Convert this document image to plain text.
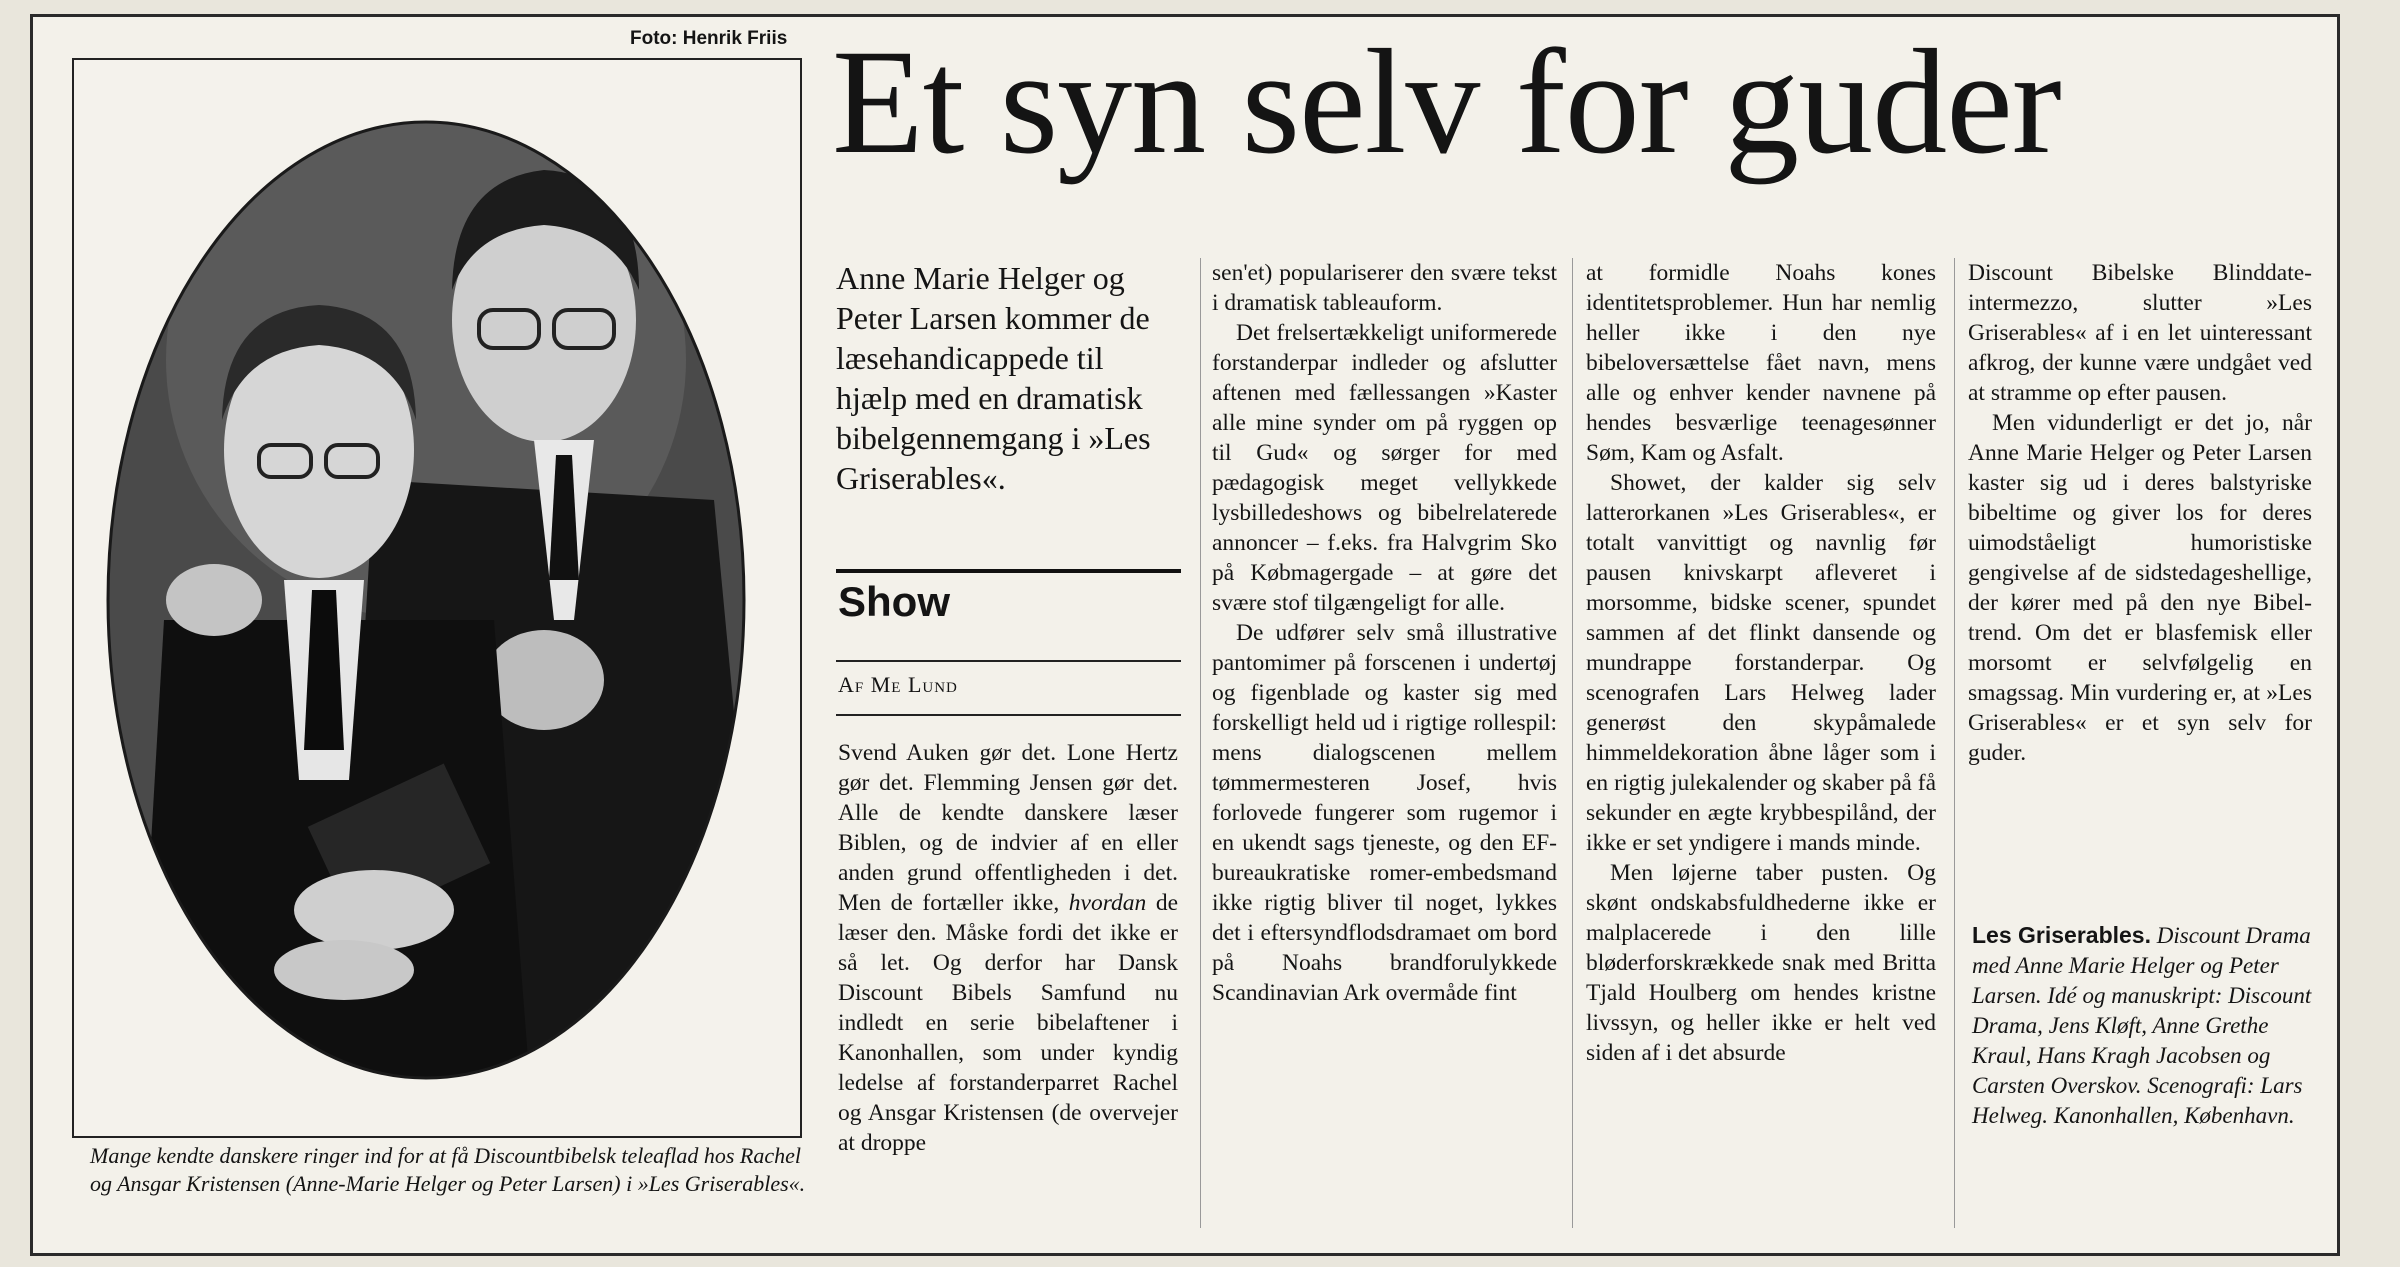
Foto: Henrik Friis
Mange kendte danskere ringer ind for at få Discountbibelsk teleaflad hos Rachel og Ansgar Kristensen (Anne-Marie Helger og Peter Larsen) i »Les Griserables«.
Et syn selv for guder
Anne Marie Helger og Peter Larsen kommer de læsehandicappede til hjælp med en dramatisk bibelgennemgang i »Les Griserables«.
Show
Af Me Lund

Svend Auken gør det. Lone Hertz gør det. Flemming Jensen gør det. Alle de kendte danskere læser Biblen, og de indvier af en eller anden grund offentligheden i det. Men de fortæller ikke, hvordan de læser den. Måske fordi det ikke er så let. Og derfor har Dansk Discount Bibels Samfund nu indledt en serie bibelaftener i Kanonhallen, som under kyndig ledelse af forstanderparret Rachel og Ansgar Kristensen (de overvejer at droppe

sen'et) populariserer den svære tekst i dramatisk tableauform.

Det frelsertækkeligt uniformerede forstanderpar indleder og afslutter aftenen med fællessangen »Kaster alle mine synder om på ryggen op til Gud« og sørger for med pædagogisk meget vellykkede lysbilledeshows og bibelrelaterede annoncer – f.eks. fra Halvgrim Sko på Købmagergade – at gøre det svære stof tilgængeligt for alle.

De udfører selv små illustrative pantomimer på forscenen i undertøj og figenblade og kaster sig med forskelligt held ud i rigtige rollespil: mens dialogscenen mellem tømmermesteren Josef, hvis forlovede fungerer som rugemor i en ukendt sags tjeneste, og den EF-bureaukratiske romer-embedsmand ikke rigtig bliver til noget, lykkes det i eftersyndflodsdramaet om bord på Noahs brandforulykkede Scandinavian Ark overmåde fint

at formidle Noahs kones identitetsproblemer. Hun har nemlig heller ikke i den nye bibeloversættelse fået navn, mens alle og enhver kender navnene på hendes besværlige teenagesønner Søm, Kam og Asfalt.

Showet, der kalder sig selv latterorkanen »Les Griserables«, er totalt vanvittigt og navnlig før pausen knivskarpt afleveret i morsomme, bidske scener, spundet sammen af det flinkt dansende og mundrappe forstanderpar. Og scenografen Lars Helweg lader generøst den skypåmalede himmeldekoration åbne låger som i en rigtig julekalender og skaber på få sekunder en ægte krybbespilånd, der ikke er set yndigere i mands minde.

Men løjerne taber pusten. Og skønt ondskabsfuldhederne ikke er malplacerede i den lille bløderforskrækkede snak med Britta Tjald Houlberg om hendes kristne livssyn, og heller ikke er helt ved siden af i det absurde

Discount Bibelske Blinddate-intermezzo, slutter »Les Griserables« af i en let uinteressant afkrog, der kunne være undgået ved at stramme op efter pausen.

Men vidunderligt er det jo, når Anne Marie Helger og Peter Larsen kaster sig ud i deres balstyriske bibeltime og giver los for deres uimodståeligt humoristiske gengivelse af de sidstedageshellige, der kører med på den nye Bibel-trend. Om det er blasfemisk eller morsomt er selvfølgelig en smagssag. Min vurdering er, at »Les Griserables« er et syn selv for guder.

Les Griserables. Discount Drama med Anne Marie Helger og Peter Larsen. Idé og manuskript: Discount Drama, Jens Kløft, Anne Grethe Kraul, Hans Kragh Jacobsen og Carsten Overskov. Scenografi: Lars Helweg. Kanonhallen, København.
